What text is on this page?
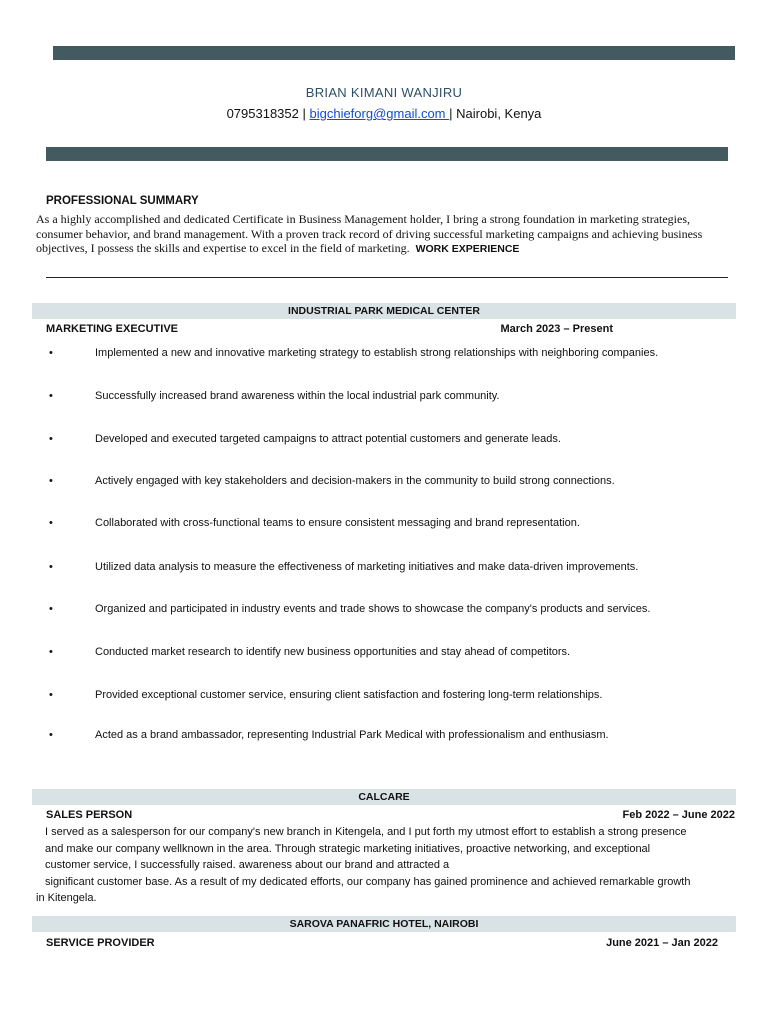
BRIAN KIMANI WANJIRU
0795318352 | bigchieforg@gmail.com | Nairobi, Kenya
PROFESSIONAL SUMMARY
As a highly accomplished and dedicated Certificate in Business Management holder, I bring a strong foundation in marketing strategies, consumer behavior, and brand management. With a proven track record of driving successful marketing campaigns and achieving business objectives, I possess the skills and expertise to excel in the field of marketing. WORK EXPERIENCE
INDUSTRIAL PARK MEDICAL CENTER
MARKETING EXECUTIVE	March 2023 – Present
•	Implemented a new and innovative marketing strategy to establish strong relationships with neighboring companies.
•	Successfully increased brand awareness within the local industrial park community.
•	Developed and executed targeted campaigns to attract potential customers and generate leads.
•	Actively engaged with key stakeholders and decision-makers in the community to build strong connections.
•	Collaborated with cross-functional teams to ensure consistent messaging and brand representation.
•	Utilized data analysis to measure the effectiveness of marketing initiatives and make data-driven improvements.
•	Organized and participated in industry events and trade shows to showcase the company's products and services.
•	Conducted market research to identify new business opportunities and stay ahead of competitors.
•	Provided exceptional customer service, ensuring client satisfaction and fostering long-term relationships.
•	Acted as a brand ambassador, representing Industrial Park Medical with professionalism and enthusiasm.
CALCARE
SALES PERSON	Feb 2022 – June 2022
I served as a salesperson for our company's new branch in Kitengela, and I put forth my utmost effort to establish a strong presence
and make our company wellknown in the area. Through strategic marketing initiatives, proactive networking, and exceptional
customer service, I successfully raised. awareness about our brand and attracted a
significant customer base. As a result of my dedicated efforts, our company has gained prominence and achieved remarkable growth
in Kitengela.
SAROVA PANAFRIC HOTEL, NAIROBI
SERVICE PROVIDER	June 2021 – Jan 2022
